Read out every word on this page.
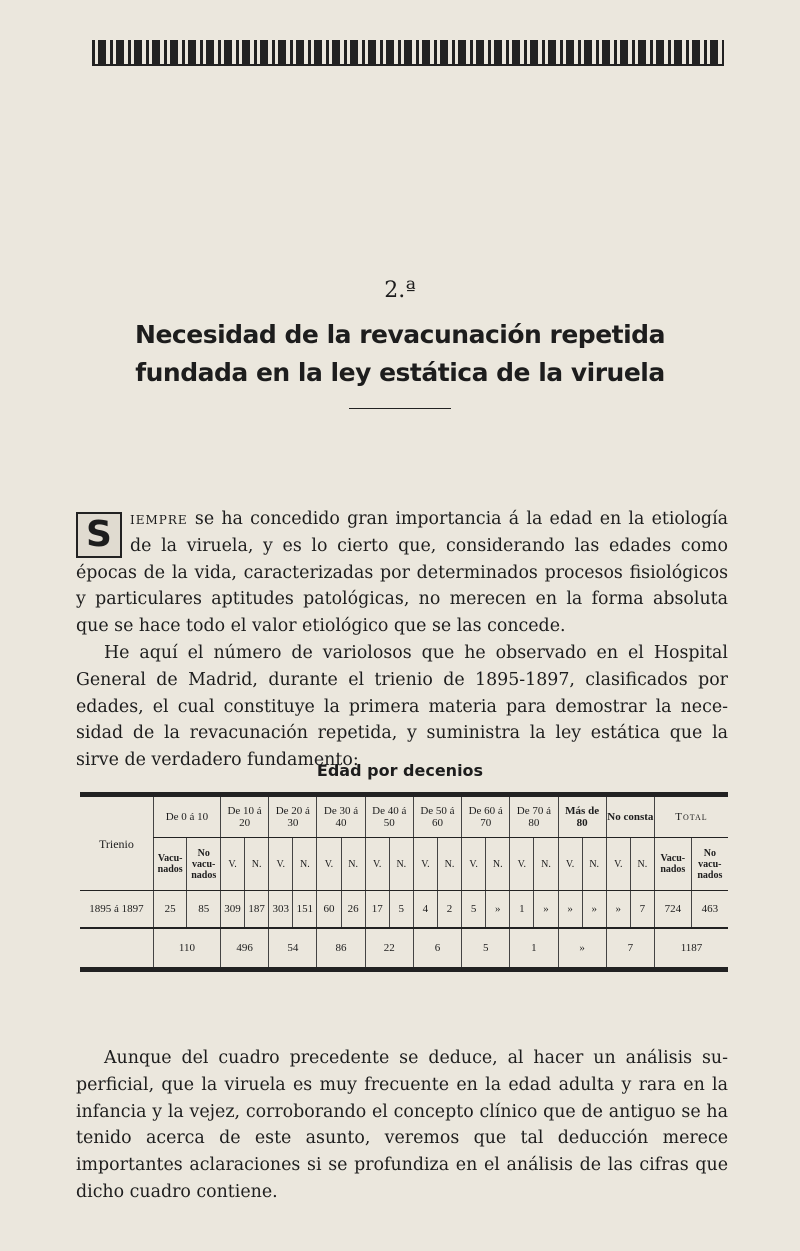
2.ª
Necesidad de la revacunación repetida fundada en la ley estática de la viruela
S	iempre se ha concedido gran importancia á la edad en la etiología de la viruela, y es lo cierto que, considerando las edades como épocas de la vida, caracterizadas por determinados procesos fisiológicos y particulares aptitudes patológicas, no merecen en la forma absoluta que se hace todo el valor etiológico que se las concede.
He aquí el número de variolosos que he observado en el Hospital General de Madrid, durante el trienio de 1895-1897, clasificados por edades, el cual constituye la primera materia para demostrar la nece-sidad de la revacunación repetida, y suministra la ley estática que la sirve de verdadero fundamento:
Edad por decenios
Trienio	De 0 á 10		De 10 á 20		De 20 á 30		De 30 á 40		De 40 á 50		De 50 á 60		De 60 á 70		De 70 á 80		Más de 80		No consta		Total	
	Vacu-nados	No vacu-nados	V.	N.	V.	N.	V.	N.	V.	N.	V.	N.	V.	N.	V.	N.	V.	N.	V.	N.	Vacu-nados	No vacu-nados
1895 á 1897	25	85	309	187	303	151	60	26	17	5	4	2	5	»	1	»	»	»	»	7	724	463
	110		496		54		86		22		6		5		1		»		7		1187	
Aunque del cuadro precedente se deduce, al hacer un análisis su-perficial, que la viruela es muy frecuente en la edad adulta y rara en la infancia y la vejez, corroborando el concepto clínico que de antiguo se ha tenido acerca de este asunto, veremos que tal deducción merece importantes aclaraciones si se profundiza en el análisis de las cifras que dicho cuadro contiene.
